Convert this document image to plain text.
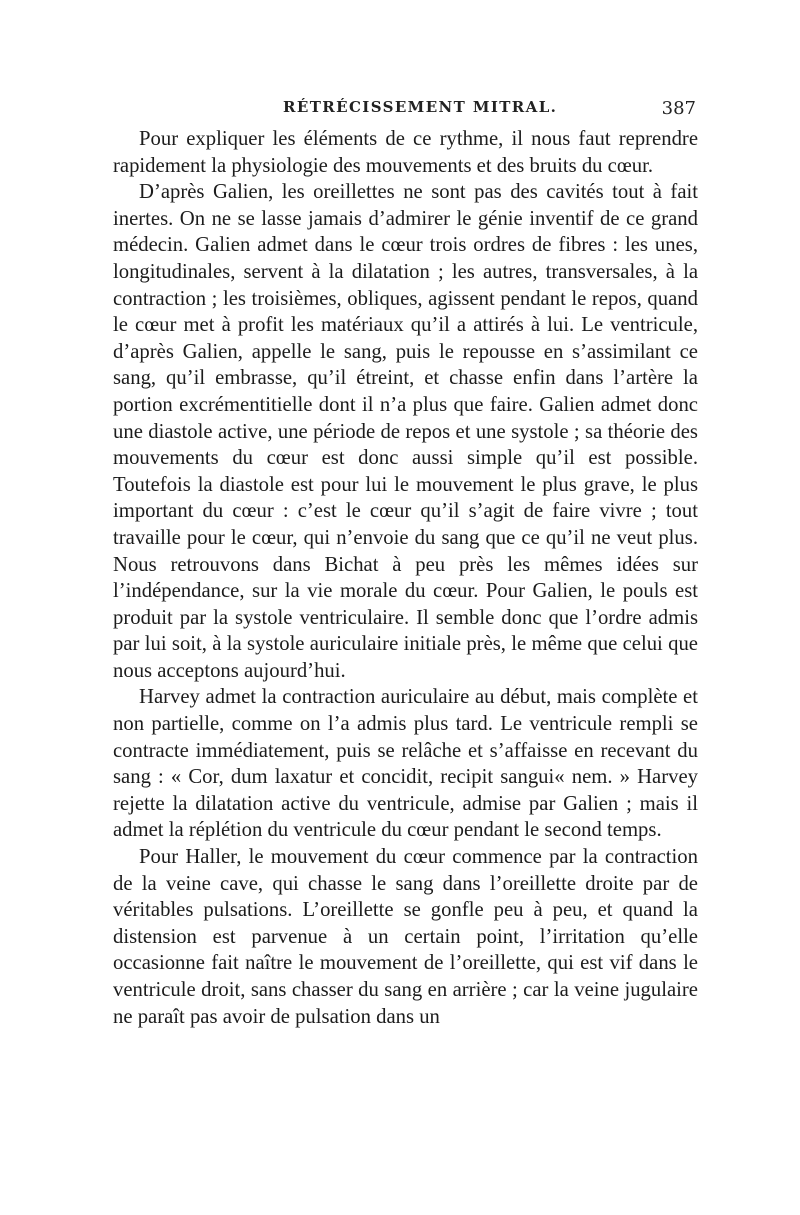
RÉTRÉCISSEMENT MITRAL.	387

Pour expliquer les éléments de ce rythme, il nous faut reprendre rapidement la physiologie des mouvements et des bruits du cœur.

D’après Galien, les oreillettes ne sont pas des cavités tout à fait inertes. On ne se lasse jamais d’admirer le génie inventif de ce grand médecin. Galien admet dans le cœur trois ordres de fibres : les unes, longitudinales, servent à la dilatation ; les autres, transversales, à la contraction ; les troisièmes, obliques, agissent pendant le repos, quand le cœur met à profit les matériaux qu’il a attirés à lui. Le ventricule, d’après Galien, appelle le sang, puis le repousse en s’assimilant ce sang, qu’il embrasse, qu’il étreint, et chasse enfin dans l’artère la portion excrémentitielle dont il n’a plus que faire. Galien admet donc une diastole active, une période de repos et une systole ; sa théorie des mouvements du cœur est donc aussi simple qu’il est possible. Toutefois la diastole est pour lui le mouvement le plus grave, le plus important du cœur : c’est le cœur qu’il s’agit de faire vivre ; tout travaille pour le cœur, qui n’envoie du sang que ce qu’il ne veut plus. Nous retrouvons dans Bichat à peu près les mêmes idées sur l’indépendance, sur la vie morale du cœur. Pour Galien, le pouls est produit par la systole ventriculaire. Il semble donc que l’ordre admis par lui soit, à la systole auriculaire initiale près, le même que celui que nous acceptons aujourd’hui.

Harvey admet la contraction auriculaire au début, mais complète et non partielle, comme on l’a admis plus tard. Le ventricule rempli se contracte immédiatement, puis se relâche et s’affaisse en recevant du sang : « Cor, dum laxatur et concidit, recipit sangui« nem. » Harvey rejette la dilatation active du ventricule, admise par Galien ; mais il admet la réplétion du ventricule du cœur pendant le second temps.

Pour Haller, le mouvement du cœur commence par la contraction de la veine cave, qui chasse le sang dans l’oreillette droite par de véritables pulsations. L’oreillette se gonfle peu à peu, et quand la distension est parvenue à un certain point, l’irritation qu’elle occasionne fait naître le mouvement de l’oreillette, qui est vif dans le ventricule droit, sans chasser du sang en arrière ; car la veine jugulaire ne paraît pas avoir de pulsation dans un
